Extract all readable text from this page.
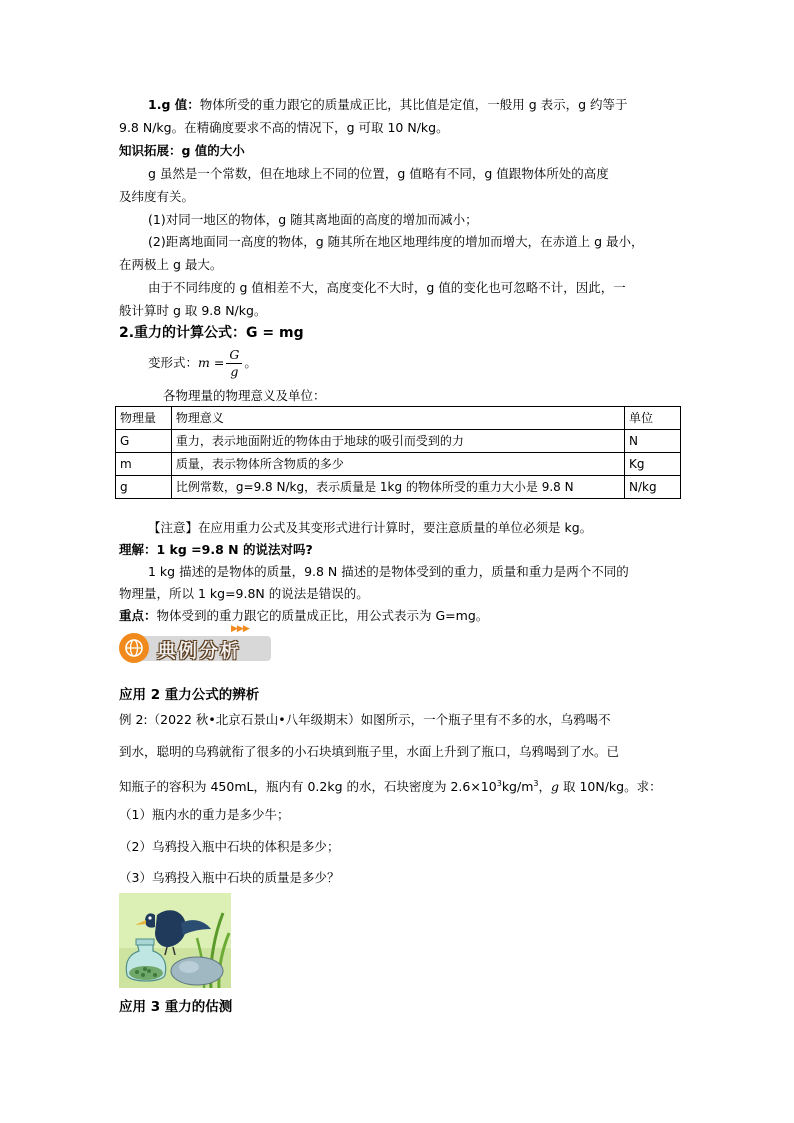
1.g 值：物体所受的重力跟它的质量成正比，其比值是定值，一般用 g 表示，g 约等于
9.8 N/kg。在精确度要求不高的情况下，g 可取 10 N/kg。
知识拓展：g 值的大小
g 虽然是一个常数，但在地球上不同的位置，g 值略有不同，g 值跟物体所处的高度
及纬度有关。
(1)对同一地区的物体，g 随其离地面的高度的增加而减小；
(2)距离地面同一高度的物体，g 随其所在地区地理纬度的增加而增大，在赤道上 g 最小，
在两极上 g 最大。
由于不同纬度的 g 值相差不大，高度变化不大时，g 值的变化也可忽略不计，因此，一
般计算时 g 取 9.8 N/kg。
2.重力的计算公式：G = mg
变形式：$m = \frac{G}{g}$ 。
各物理量的物理意义及单位：
物理量	物理意义	单位
G	重力，表示地面附近的物体由于地球的吸引而受到的力	N
m	质量，表示物体所含物质的多少	Kg
g	比例常数，g=9.8 N/kg，表示质量是 1kg 的物体所受的重力大小是 9.8 N	N/kg
【注意】在应用重力公式及其变形式进行计算时，要注意质量的单位必须是 kg。
理解：1 kg =9.8 N 的说法对吗?
1 kg 描述的是物体的质量，9.8 N 描述的是物体受到的重力，质量和重力是两个不同的
物理量，所以 1 kg=9.8N 的说法是错误的。
重点：物体受到的重力跟它的质量成正比，用公式表示为 G=mg。
▶▶▶
典例分析
应用 2 重力公式的辨析
例 2:（2022 秋•北京石景山•八年级期末）如图所示，一个瓶子里有不多的水，乌鸦喝不
到水，聪明的乌鸦就衔了很多的小石块填到瓶子里，水面上升到了瓶口，乌鸦喝到了水。已
知瓶子的容积为 450mL，瓶内有 0.2kg 的水，石块密度为 $2.6\times 10^3kg/m^3$，g 取 10N/kg。求：
（1）瓶内水的重力是多少牛；
（2）乌鸦投入瓶中石块的体积是多少；
（3）乌鸦投入瓶中石块的质量是多少？
应用 3 重力的估测
